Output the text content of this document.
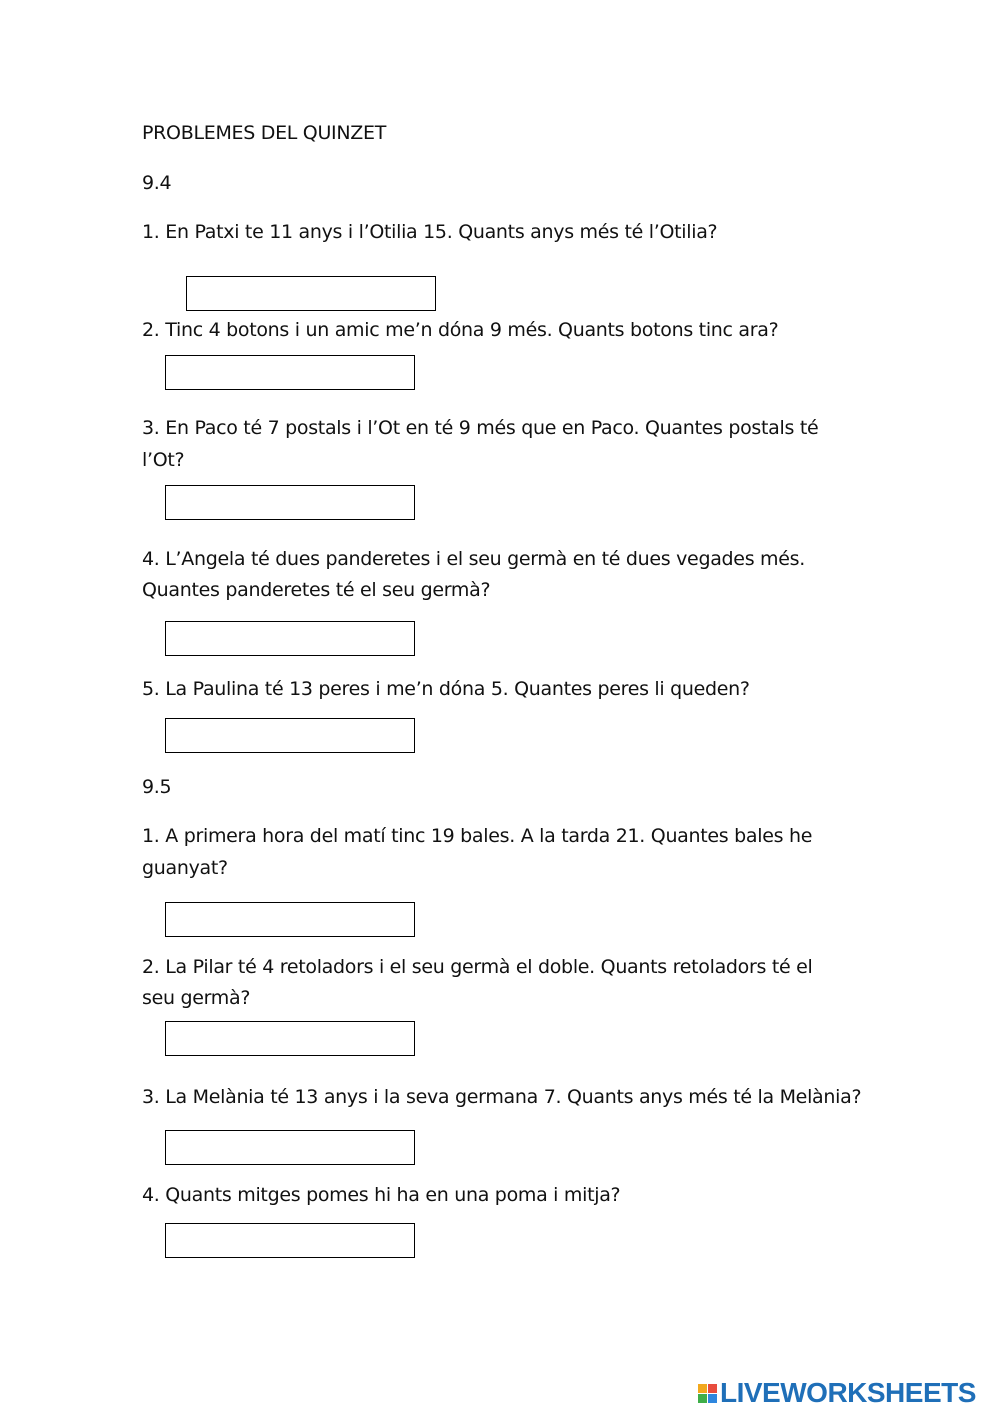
PROBLEMES DEL QUINZET

9.4

1. En Patxi te 11 anys i l’Otilia 15. Quants anys més té l’Otilia?

2. Tinc 4 botons i un amic me’n dóna 9 més. Quants botons tinc ara?

3. En Paco té 7 postals i l’Ot en té 9 més que en Paco. Quantes postals té

l’Ot?

4. L’Angela té dues panderetes i el seu germà en té dues vegades més.

Quantes panderetes té el seu germà?

5. La Paulina té 13 peres i me’n dóna 5. Quantes peres li queden?

9.5

1. A primera hora del matí tinc 19 bales. A la tarda 21. Quantes bales he

guanyat?

2. La Pilar té 4 retoladors i el seu germà el doble. Quants retoladors té el

seu germà?

3. La Melània té 13 anys i la seva germana 7. Quants anys més té la Melània?

4. Quants mitges pomes hi ha en una poma i mitja?

LIVEWORKSHEETS
